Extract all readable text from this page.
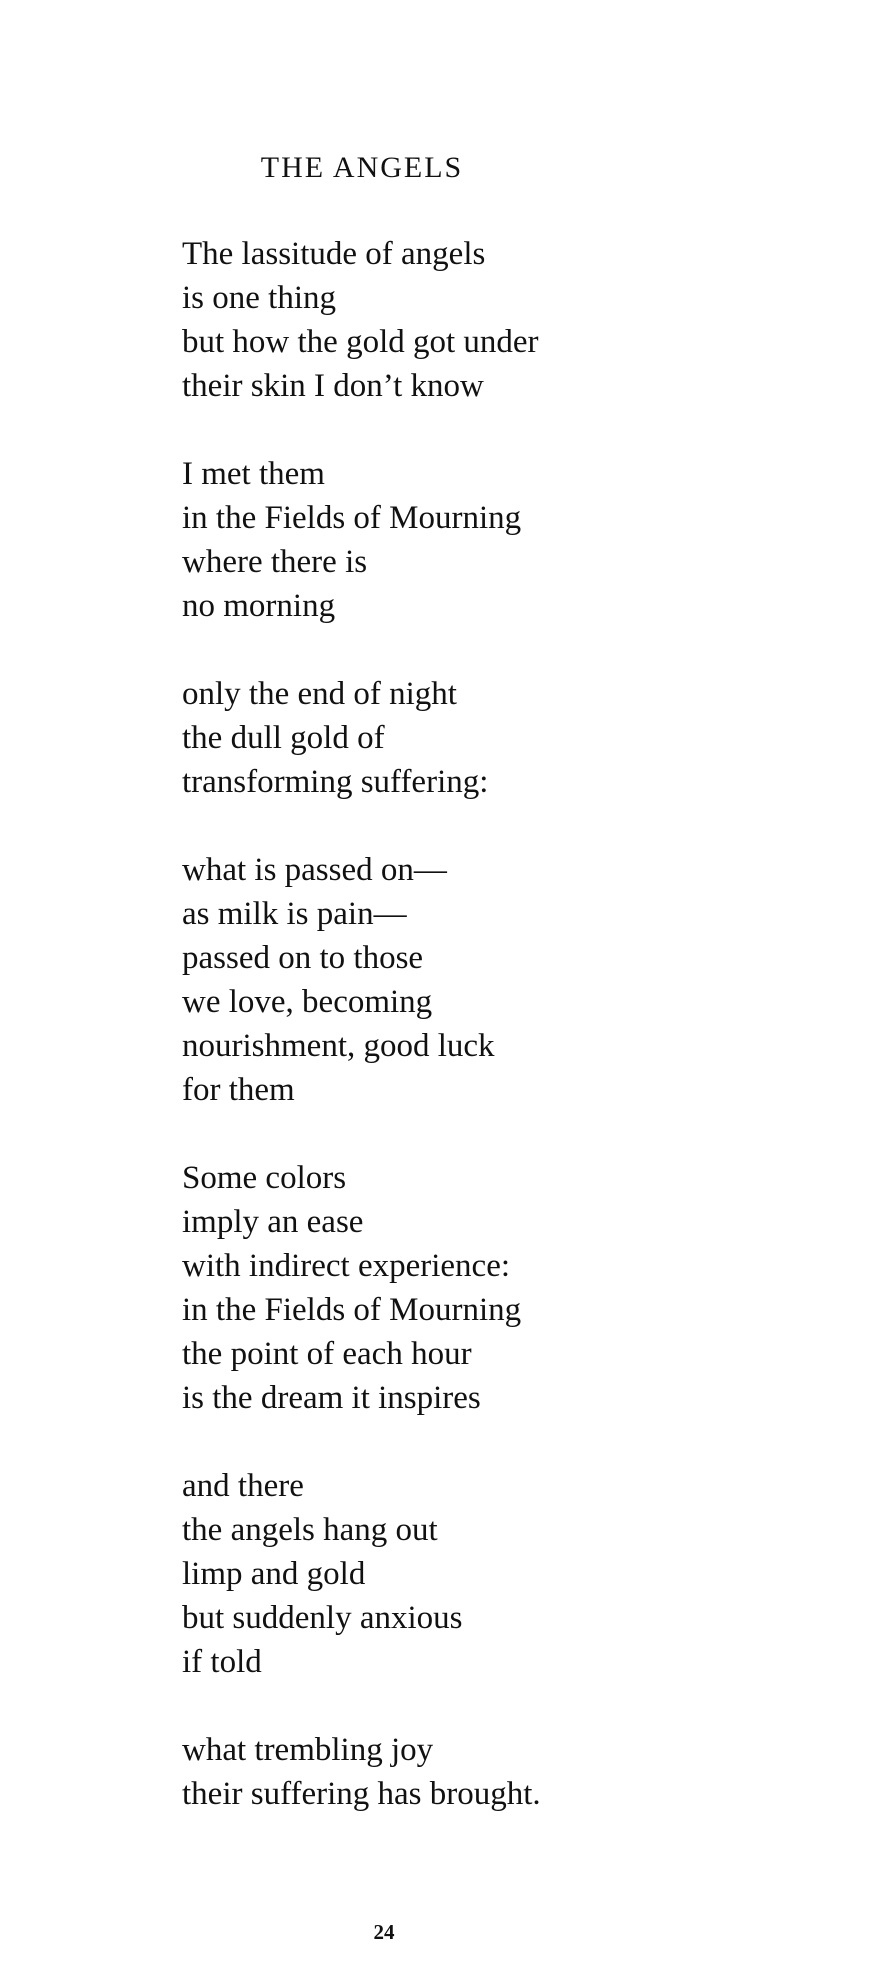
THE ANGELS
The lassitude of angels
is one thing
but how the gold got under
their skin I don’t know
I met them
in the Fields of Mourning
where there is
no morning
only the end of night
the dull gold of
transforming suffering:
what is passed on—
as milk is pain—
passed on to those
we love, becoming
nourishment, good luck
for them
Some colors
imply an ease
with indirect experience:
in the Fields of Mourning
the point of each hour
is the dream it inspires
and there
the angels hang out
limp and gold
but suddenly anxious
if told
what trembling joy
their suffering has brought.
24
